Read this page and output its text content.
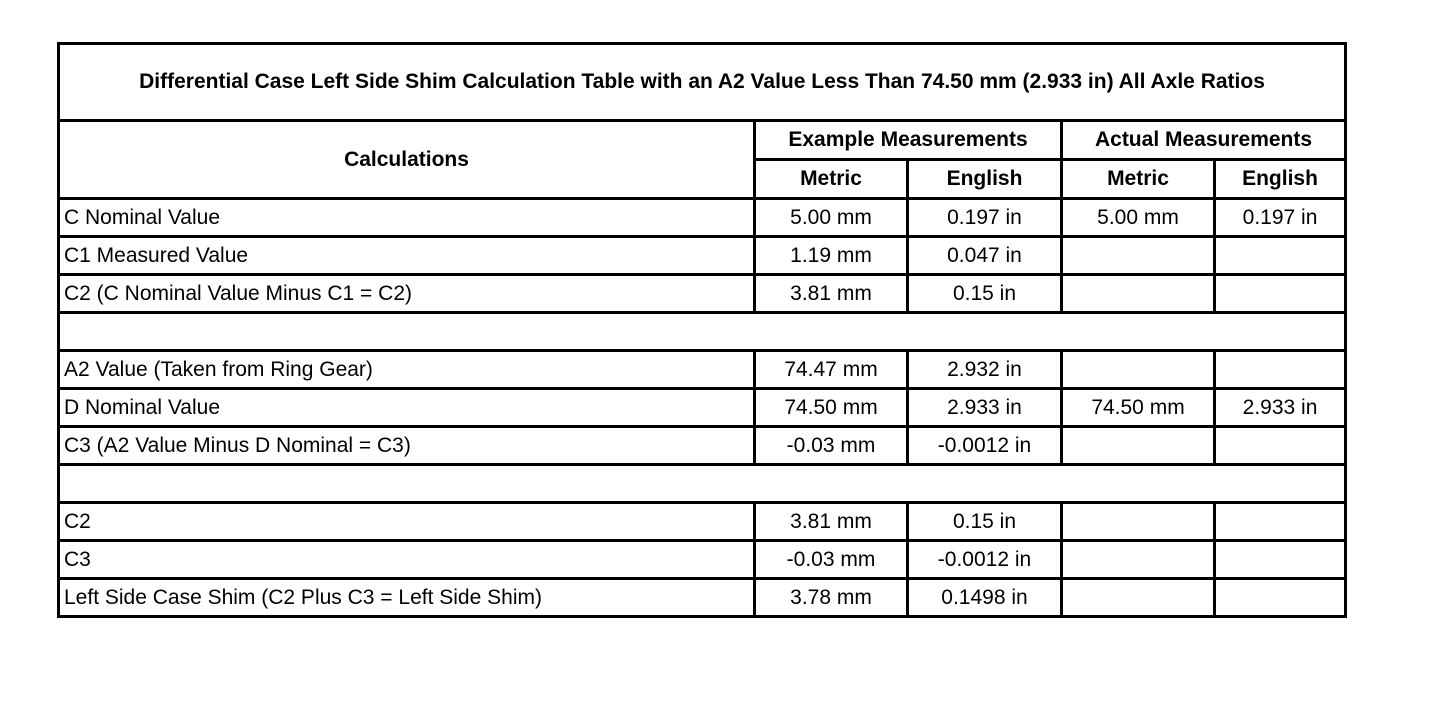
Differential Case Left Side Shim Calculation Table with an A2 Value Less Than 74.50 mm (2.933 in) All Axle Ratios				
Calculations	Example Measurements		Actual Measurements	
	Metric	English	Metric	English
C Nominal Value	5.00 mm	0.197 in	5.00 mm	0.197 in
C1 Measured Value	1.19 mm	0.047 in		
C2 (C Nominal Value Minus C1 = C2)	3.81 mm	0.15 in		

A2 Value (Taken from Ring Gear)	74.47 mm	2.932 in		
D Nominal Value	74.50 mm	2.933 in	74.50 mm	2.933 in
C3 (A2 Value Minus D Nominal = C3)	-0.03 mm	-0.0012 in		

C2	3.81 mm	0.15 in		
C3	-0.03 mm	-0.0012 in		
Left Side Case Shim (C2 Plus C3 = Left Side Shim)	3.78 mm	0.1498 in		
